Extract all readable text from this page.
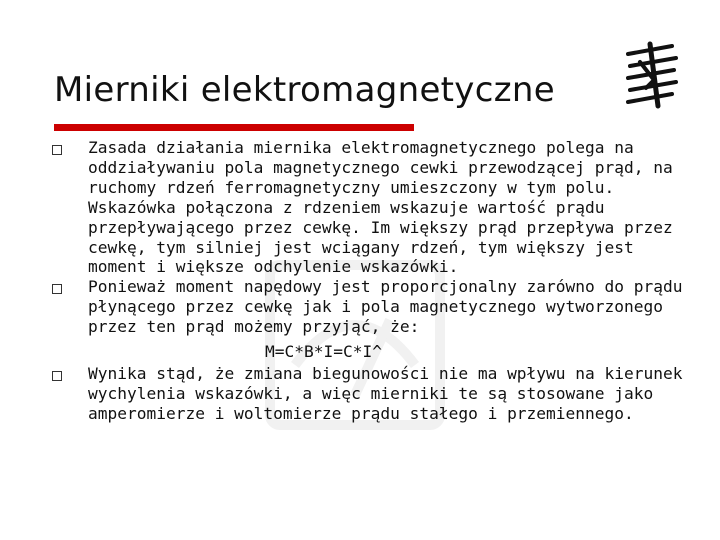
Mierniki elektromagnetyczne
Zasada działania miernika elektromagnetycznego polega na oddziaływaniu pola magnetycznego cewki przewodzącej prąd, na ruchomy rdzeń ferromagnetyczny umieszczony w tym polu. Wskazówka połączona z rdzeniem wskazuje wartość prądu przepływającego przez cewkę. Im większy prąd przepływa przez cewkę, tym silniej jest wciągany rdzeń, tym większy jest moment i większe odchylenie wskazówki.
Ponieważ moment napędowy jest proporcjonalny zarówno do prądu płynącego przez cewkę jak i pola magnetycznego wytworzonego przez ten prąd możemy przyjąć, że:
M=C*B*I=C*I^
Wynika stąd, że zmiana biegunowości nie ma wpływu na kierunek wychylenia wskazówki, a więc mierniki te są stosowane jako amperomierze i woltomierze prądu stałego i przemiennego.
